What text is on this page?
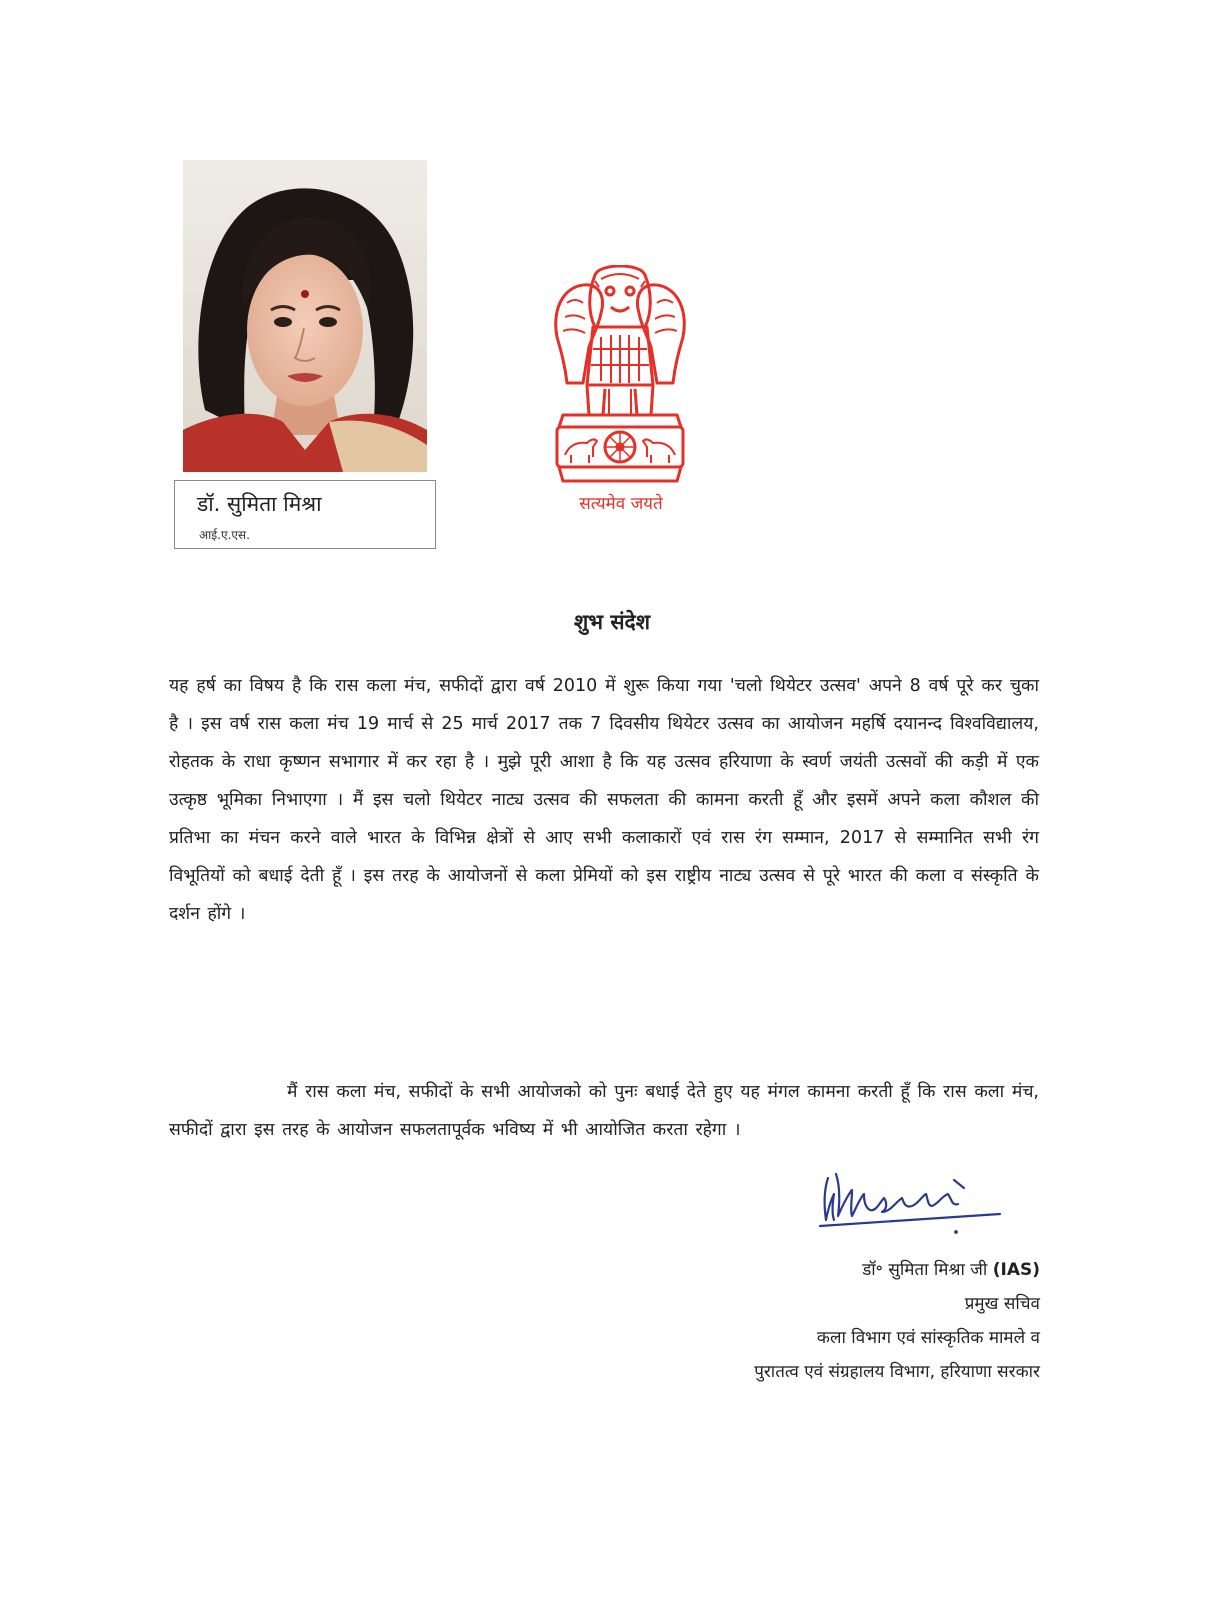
डॉ. सुमिता मिश्रा
आई.ए.एस.
सत्यमेव जयते
शुभ संदेश
यह हर्ष का विषय है कि रास कला मंच, सफीदों द्वारा वर्ष 2010 में शुरू किया गया 'चलो थियेटर उत्सव' अपने 8 वर्ष पूरे कर चुका है । इस वर्ष रास कला मंच 19 मार्च से 25 मार्च 2017 तक 7 दिवसीय थियेटर उत्सव का आयोजन महर्षि दयानन्द विश्वविद्यालय, रोहतक के राधा कृष्णन सभागार में कर रहा है । मुझे पूरी आशा है कि यह उत्सव हरियाणा के स्वर्ण जयंती उत्सवों की कड़ी में एक उत्कृष्ठ भूमिका निभाएगा । मैं इस चलो थियेटर नाट्य उत्सव की सफलता की कामना करती हूँ और इसमें अपने कला कौशल की प्रतिभा का मंचन करने वाले भारत के विभिन्न क्षेत्रों से आए सभी कलाकारों एवं रास रंग सम्मान, 2017 से सम्मानित सभी रंग विभूतियों को बधाई देती हूँ । इस तरह के आयोजनों से कला प्रेमियों को इस राष्ट्रीय नाट्य उत्सव से पूरे भारत की कला व संस्कृति के दर्शन होंगे ।
मैं रास कला मंच, सफीदों के सभी आयोजको को पुनः बधाई देते हुए यह मंगल कामना करती हूँ कि रास कला मंच, सफीदों द्वारा इस तरह के आयोजन सफलतापूर्वक भविष्य में भी आयोजित करता रहेगा ।
डॉ॰ सुमिता मिश्रा जी (IAS)
प्रमुख सचिव
कला विभाग एवं सांस्कृतिक मामले व
पुरातत्व एवं संग्रहालय विभाग, हरियाणा सरकार
